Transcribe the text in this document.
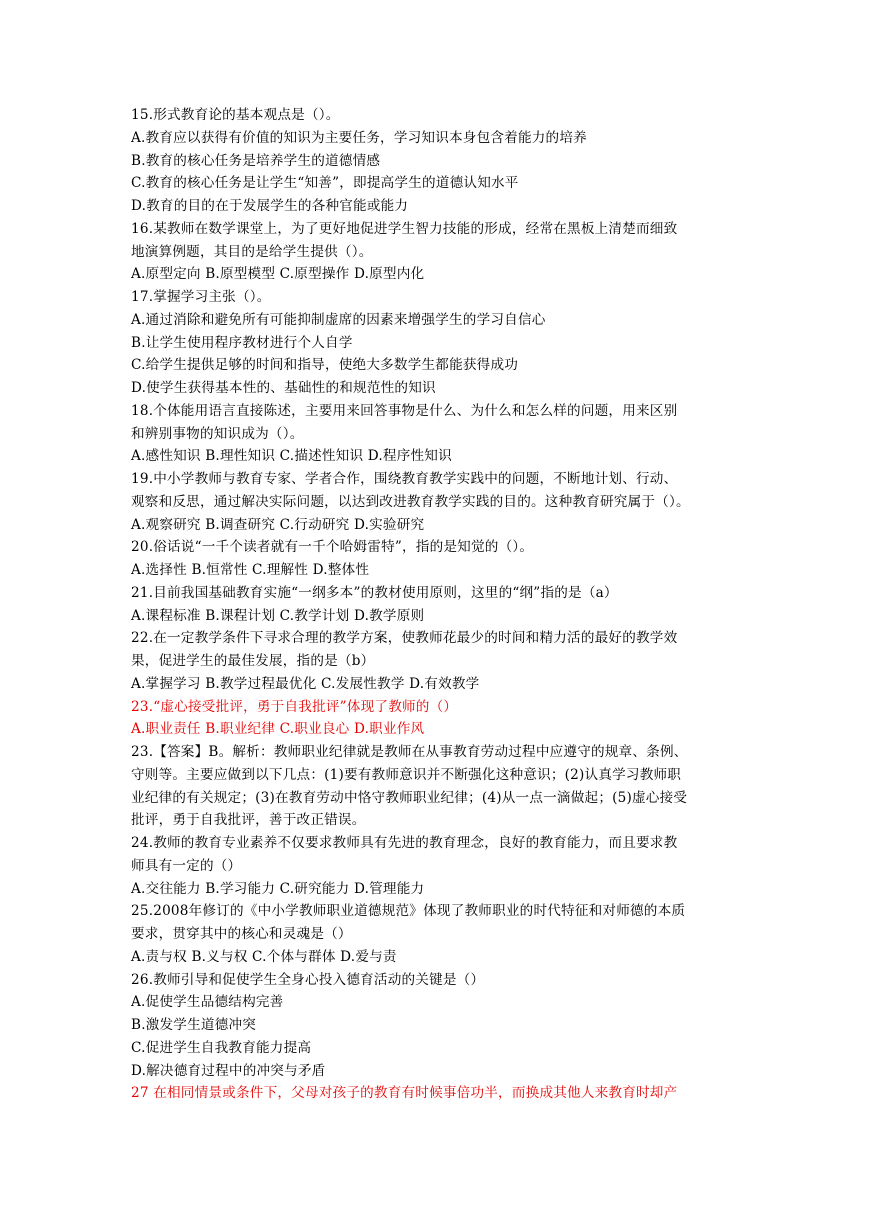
15.形式教育论的基本观点是（）。
A.教育应以获得有价值的知识为主要任务，学习知识本身包含着能力的培养
B.教育的核心任务是培养学生的道德情感
C.教育的核心任务是让学生“知善”，即提高学生的道德认知水平
D.教育的目的在于发展学生的各种官能或能力
16.某教师在数学课堂上，为了更好地促进学生智力技能的形成，经常在黑板上清楚而细致
地演算例题，其目的是给学生提供（）。
A.原型定向 B.原型模型 C.原型操作 D.原型内化
17.掌握学习主张（）。
A.通过消除和避免所有可能抑制虚席的因素来增强学生的学习自信心
B.让学生使用程序教材进行个人自学
C.给学生提供足够的时间和指导，使绝大多数学生都能获得成功
D.使学生获得基本性的、基础性的和规范性的知识
18.个体能用语言直接陈述，主要用来回答事物是什么、为什么和怎么样的问题，用来区别
和辨别事物的知识成为（）。
A.感性知识 B.理性知识 C.描述性知识 D.程序性知识
19.中小学教师与教育专家、学者合作，围绕教育教学实践中的问题，不断地计划、行动、
观察和反思，通过解决实际问题，以达到改进教育教学实践的目的。这种教育研究属于（）。
A.观察研究 B.调查研究 C.行动研究 D.实验研究
20.俗话说“一千个读者就有一千个哈姆雷特”，指的是知觉的（）。
A.选择性 B.恒常性 C.理解性 D.整体性
21.目前我国基础教育实施“一纲多本”的教材使用原则，这里的“纲”指的是（a）
A.课程标准 B.课程计划 C.教学计划 D.教学原则
22.在一定教学条件下寻求合理的教学方案，使教师花最少的时间和精力活的最好的教学效
果，促进学生的最佳发展，指的是（b）
A.掌握学习 B.教学过程最优化 C.发展性教学 D.有效教学
23.“虚心接受批评，勇于自我批评”体现了教师的（）
A.职业责任 B.职业纪律 C.职业良心 D.职业作风
23.【答案】B。解析：教师职业纪律就是教师在从事教育劳动过程中应遵守的规章、条例、
守则等。主要应做到以下几点：(1)要有教师意识并不断强化这种意识；(2)认真学习教师职
业纪律的有关规定；(3)在教育劳动中恪守教师职业纪律；(4)从一点一滴做起；(5)虚心接受
批评，勇于自我批评，善于改正错误。
24.教师的教育专业素养不仅要求教师具有先进的教育理念，良好的教育能力，而且要求教
师具有一定的（）
A.交往能力 B.学习能力 C.研究能力 D.管理能力
25.2008年修订的《中小学教师职业道德规范》体现了教师职业的时代特征和对师德的本质
要求，贯穿其中的核心和灵魂是（）
A.责与权 B.义与权 C.个体与群体 D.爱与责
26.教师引导和促使学生全身心投入德育活动的关键是（）
A.促使学生品德结构完善
B.激发学生道德冲突
C.促进学生自我教育能力提高
D.解决德育过程中的冲突与矛盾
27 在相同情景或条件下，父母对孩子的教育有时候事倍功半，而换成其他人来教育时却产
